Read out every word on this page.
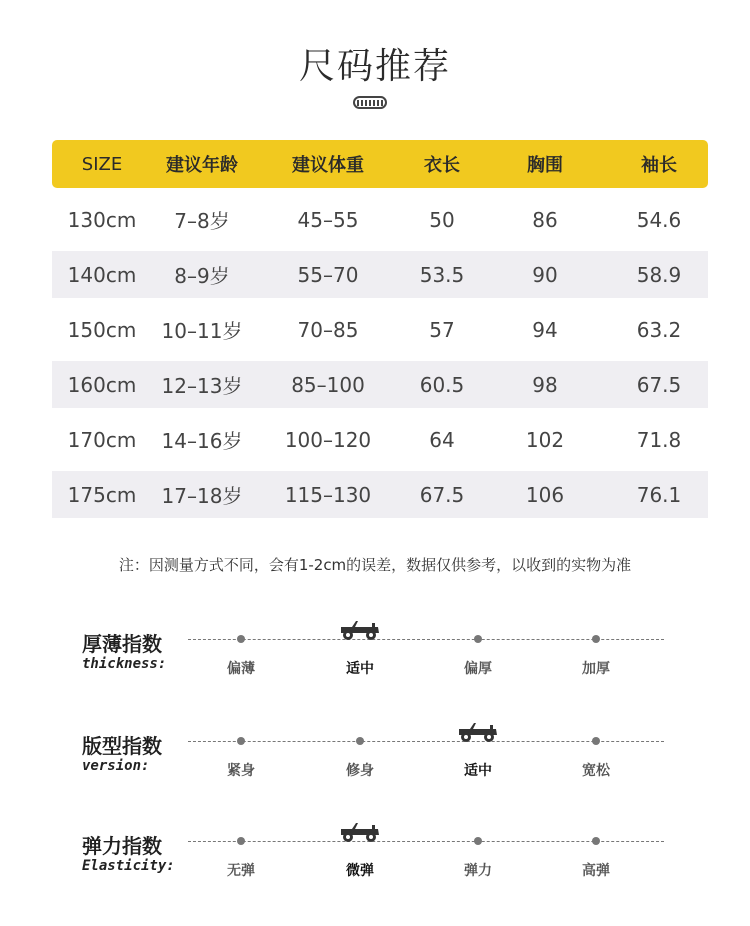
尺码推荐
SIZE	建议年龄	建议体重	衣长	胸围	袖长
130cm	7–8岁	45–55	50	86	54.6
140cm	8–9岁	55–70	53.5	90	58.9
150cm	10–11岁	70–85	57	94	63.2
160cm	12–13岁	85–100	60.5	98	67.5
170cm	14–16岁	100–120	64	102	71.8
175cm	17–18岁	115–130	67.5	106	76.1
注：因测量方式不同，会有1-2cm的误差，数据仅供参考，以收到的实物为准
厚薄指数
thickness:	偏薄	适中	偏厚	加厚
版型指数
version:	紧身	修身	适中	宽松
弹力指数
Elasticity:	无弹	微弹	弹力	高弹
